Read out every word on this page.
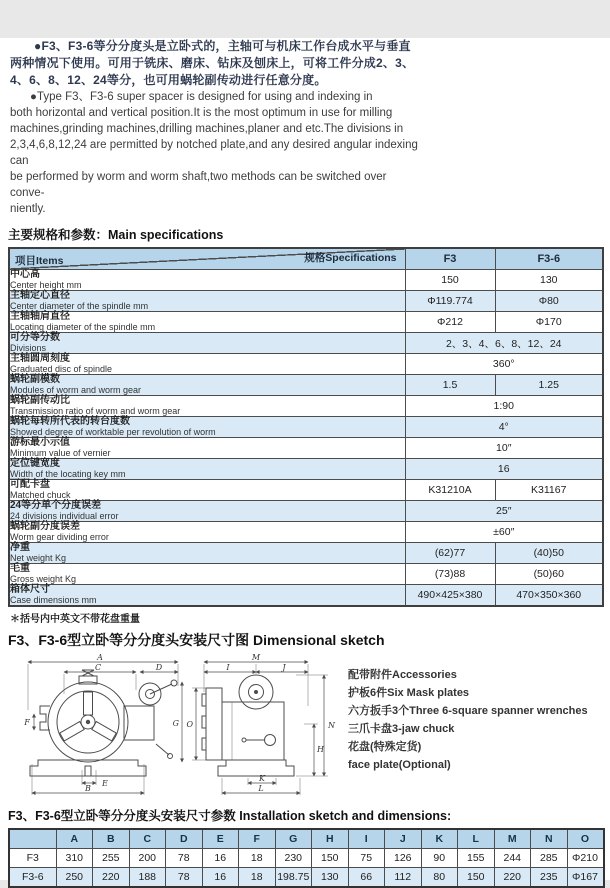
●F3、F3-6等分分度头是立卧式的，主轴可与机床工作台成水平与垂直
两种情况下使用。可用于铣床、磨床、钻床及刨床上，可将工件分成2、3、
4、6、8、12、24等分，也可用蜗轮副传动进行任意分度。
●Type F3、F3-6 super spacer is designed for using and indexing in
both horizontal and vertical position.It is the most optimum in use for milling
machines,grinding machines,drilling machines,planer and etc.The divisions in
2,3,4,6,8,12,24 are permitted by notched plate,and any desired angular indexing can
be performed by worm and worm shaft,two methods can be switched over conve-
niently.
主要规格和参数：Main specifications
项目Items 规格Specifications	F3	F3-6

中心高
Center height mm	150	130

主轴定心直径
Center diameter of the spindle mm	Φ119.774	Φ80

主轴轴肩直径
Locating diameter of the spindle mm	Φ212	Φ170

可分等分数
Divisions	2、3、4、6、8、12、24	

主轴圆周刻度
Graduated disc of spindle	360°	

蜗轮副模数
Modules of worm and worm gear	1.5	1.25

蜗轮副传动比
Transmission ratio of worm and worm gear	1:90	

蜗轮每转所代表的转台度数
Showed degree of worktable per revolution of worm	4°	

游标最小示值
Minimum value of vernier	10″	

定位键宽度
Width of the locating key mm	16	

可配卡盘
Matched chuck	K31210A	K31167

24等分单个分度误差
24 divisions individual error	25″	

蜗轮副分度误差
Worm gear dividing error	±60″	

净重
Net weight Kg	(62)77	(40)50

毛重
Gross weight Kg	(73)88	(50)60

箱体尺寸
Case dimensions mm	490×425×380	470×350×360
＊括号内中英文不带花盘重量
F3、F3-6型立卧等分分度头安装尺寸图 Dimensional sketch
A
C	D
F	G
E
B
M
I	J
O	N
H
K
L
配带附件Accessories
护板6件Six Mask plates
六方扳手3个Three 6-square spanner wrenches
三爪卡盘3-jaw chuck
花盘(特殊定货)
face plate(Optional)
F3、F3-6型立卧等分分度头安装尺寸参数 Installation sketch and dimensions:
	A	B	C	D	E	F	G	H	I	J	K	L	M	N	O
F3	310	255	200	78	16	18	230	150	75	126	90	155	244	285	Φ210
F3-6	250	220	188	78	16	18	198.75	130	66	112	80	150	220	235	Φ167
